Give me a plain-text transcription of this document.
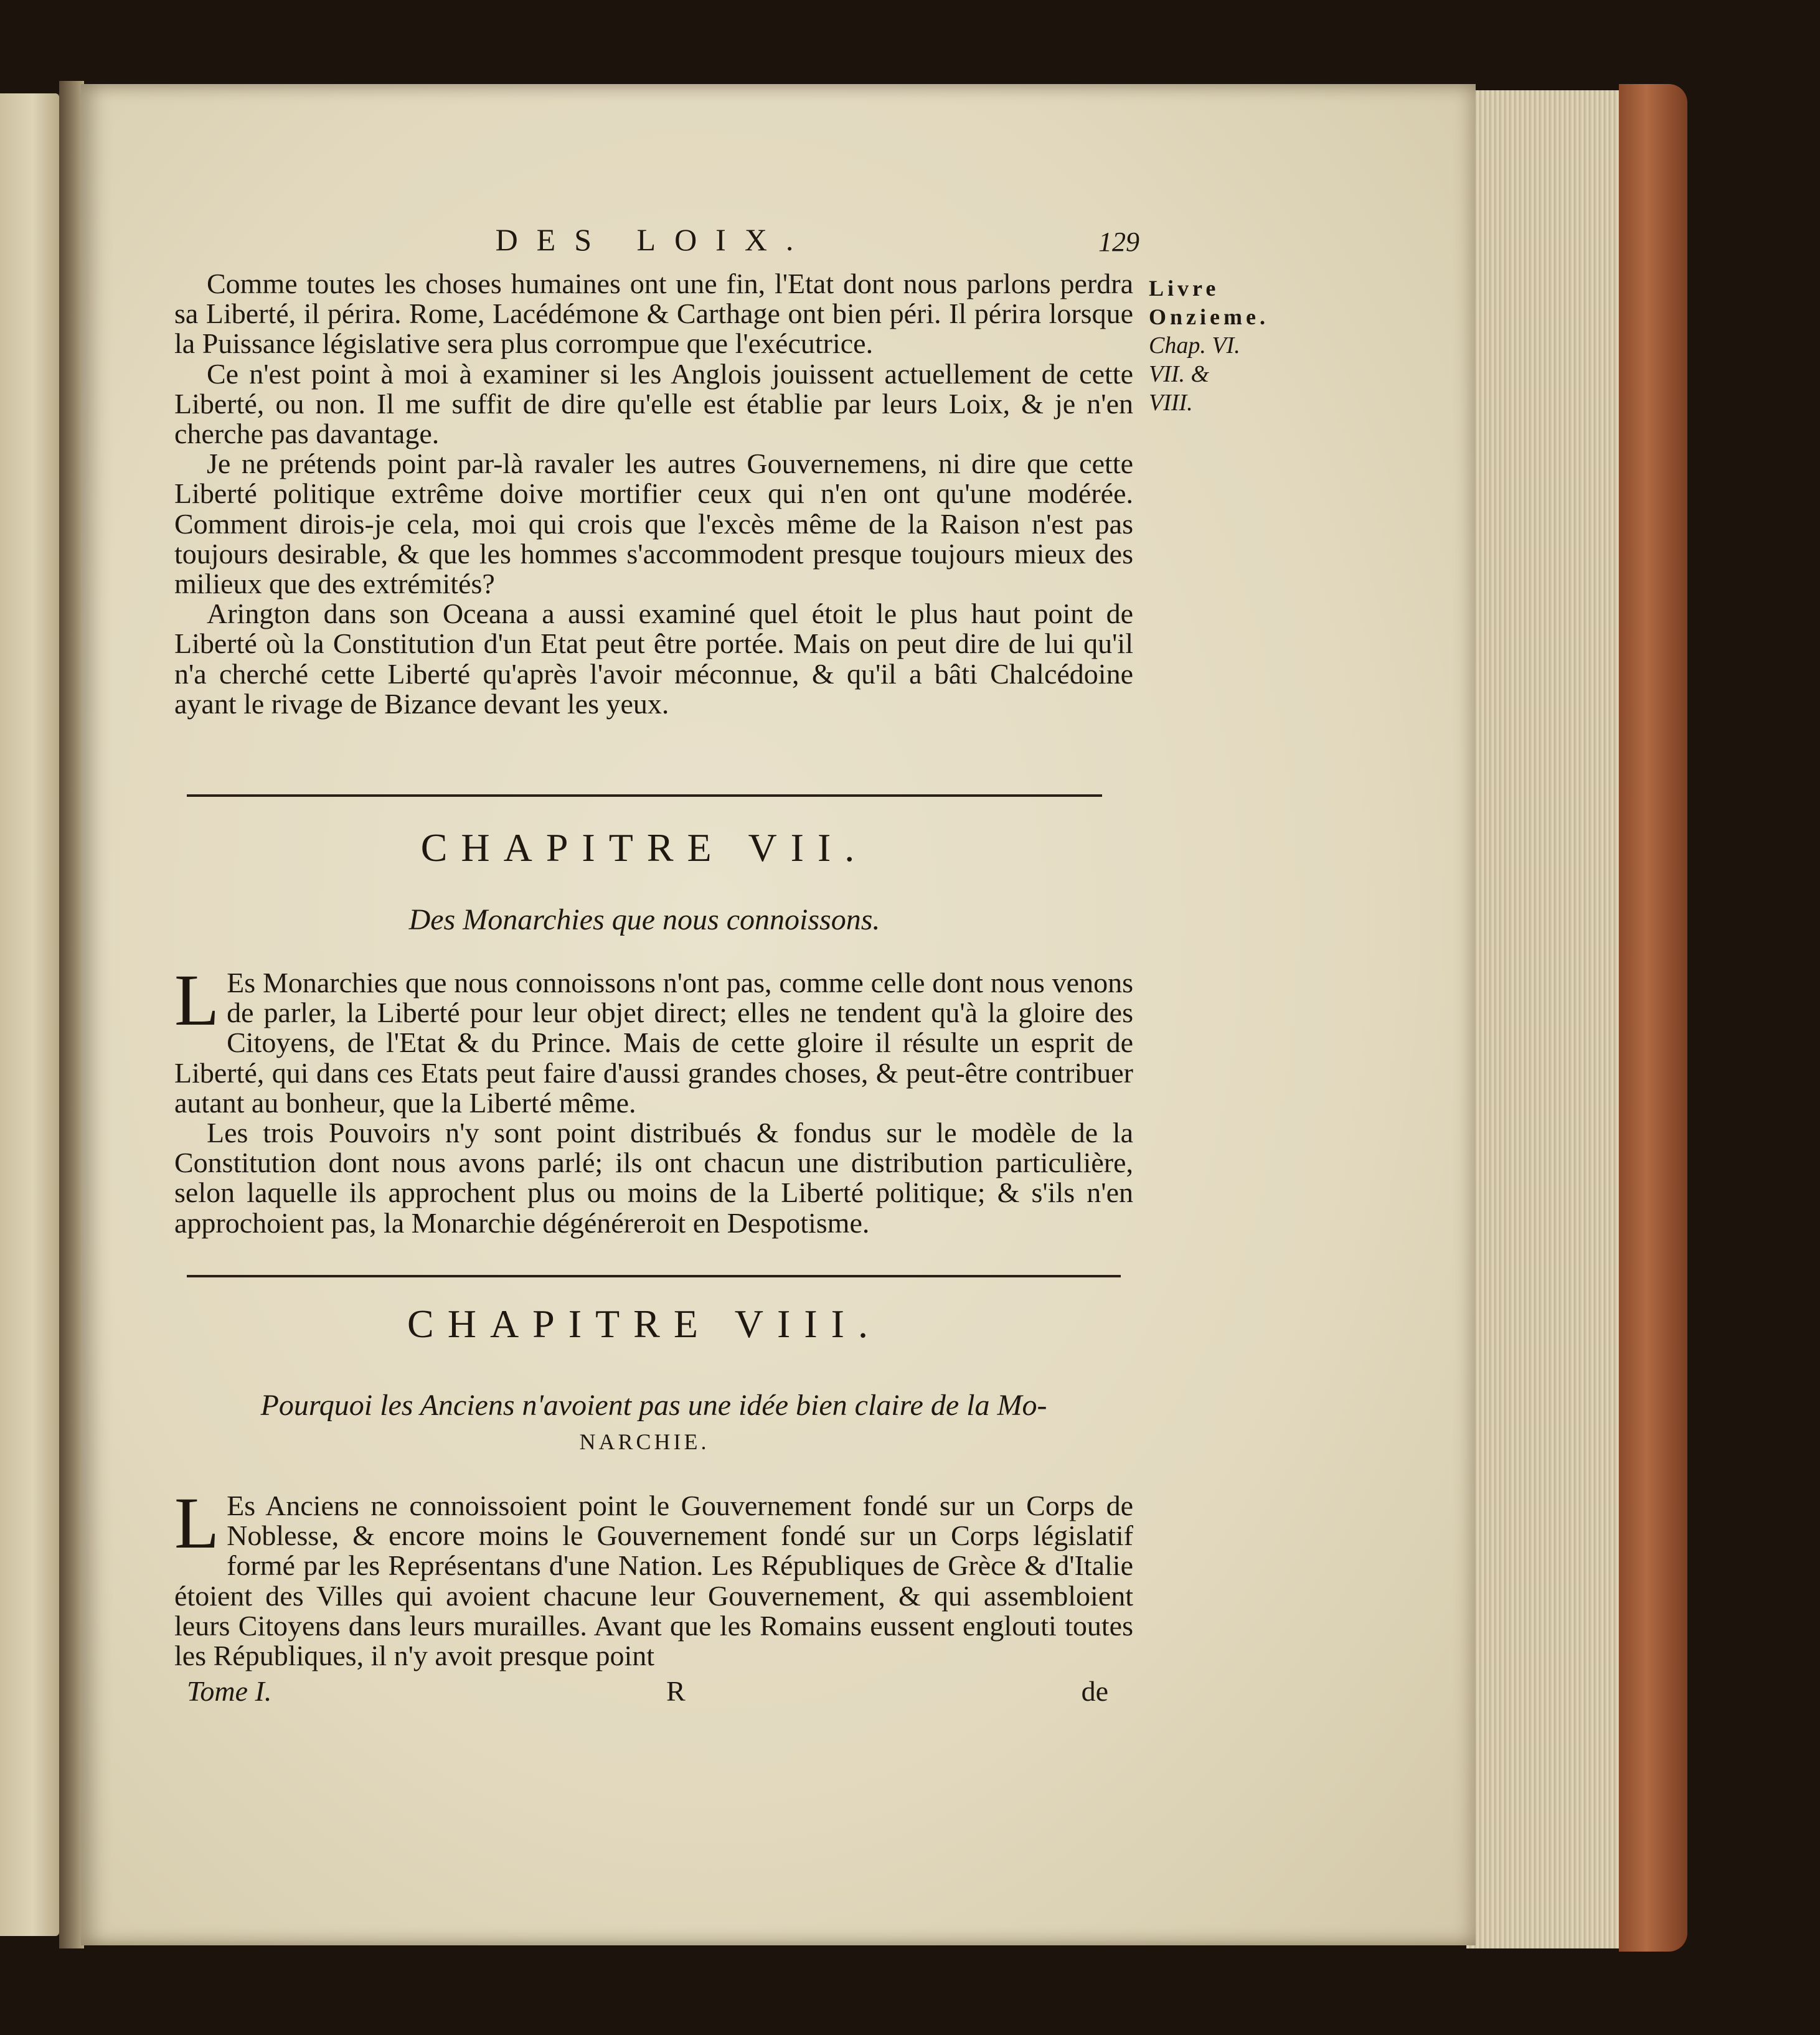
DES LOIX.	129
Livre
Onzieme.
Chap. VI.
VII. &
VIII.

Comme toutes les choses humaines ont une fin, l'Etat dont nous parlons perdra sa Liberté, il périra. Rome, Lacédémone & Carthage ont bien péri. Il périra lorsque la Puissance législative sera plus corrompue que l'exécutrice.

Ce n'est point à moi à examiner si les Anglois jouissent actuellement de cette Liberté, ou non. Il me suffit de dire qu'elle est établie par leurs Loix, & je n'en cherche pas davantage.

Je ne prétends point par-là ravaler les autres Gouvernemens, ni dire que cette Liberté politique extrême doive mortifier ceux qui n'en ont qu'une modérée. Comment dirois-je cela, moi qui crois que l'excès même de la Raison n'est pas toujours desirable, & que les hommes s'accommodent presque toujours mieux des milieux que des extrémités?

Arington dans son Oceana a aussi examiné quel étoit le plus haut point de Liberté où la Constitution d'un Etat peut être portée. Mais on peut dire de lui qu'il n'a cherché cette Liberté qu'après l'avoir méconnue, & qu'il a bâti Chalcédoine ayant le rivage de Bizance devant les yeux.

CHAPITRE VII.
Des Monarchies que nous connoissons.
L Es Monarchies que nous connoissons n'ont pas, comme celle dont nous venons de parler, la Liberté pour leur objet direct; elles ne tendent qu'à la gloire des Citoyens, de l'Etat & du Prince. Mais de cette gloire il résulte un esprit de Liberté, qui dans ces Etats peut faire d'aussi grandes choses, & peut-être contribuer autant au bonheur, que la Liberté même.

Les trois Pouvoirs n'y sont point distribués & fondus sur le modèle de la Constitution dont nous avons parlé; ils ont chacun une distribution particulière, selon laquelle ils approchent plus ou moins de la Liberté politique; & s'ils n'en approchoient pas, la Monarchie dégénéreroit en Despotisme.

CHAPITRE VIII.
Pourquoi les Anciens n'avoient pas une idée bien claire de la Mo-
NARCHIE.
L Es Anciens ne connoissoient point le Gouvernement fondé sur un Corps de Noblesse, & encore moins le Gouvernement fondé sur un Corps législatif formé par les Représentans d'une Nation. Les Républiques de Grèce & d'Italie étoient des Villes qui avoient chacune leur Gouvernement, & qui assembloient leurs Citoyens dans leurs murailles. Avant que les Romains eussent englouti toutes les Républiques, il n'y avoit presque point

Tome I.	R	de
